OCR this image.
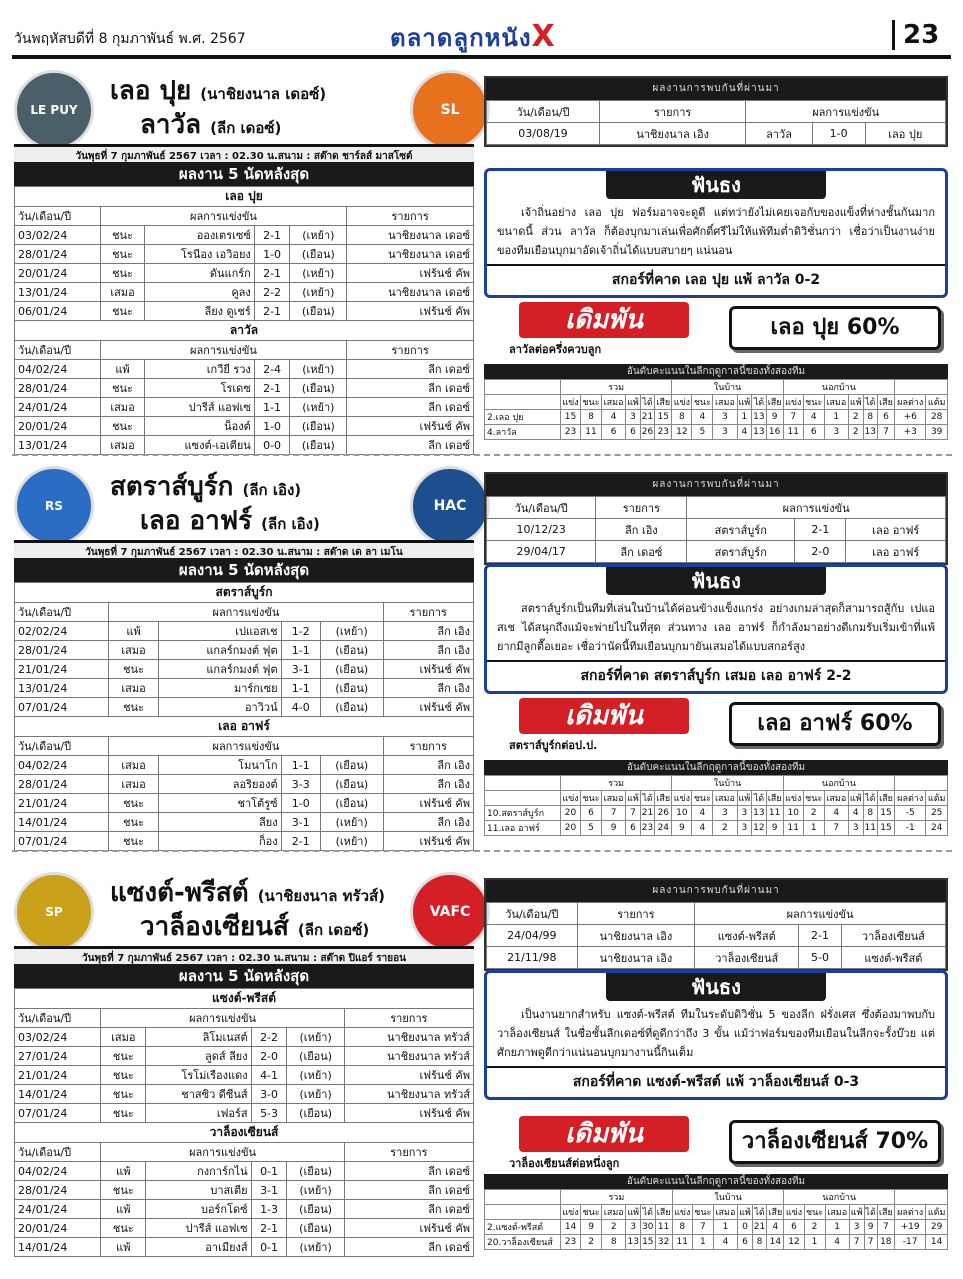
วันพฤหัสบดีที่ 8 กุมภาพันธ์ พ.ศ. 2567	ตลาดลูกหนังX	23
LE PUY	SL
เลอ ปุย (นาชิยงนาล เดอซ์)
ลาวัล (ลีก เดอซ์)
วันพุธที่ 7 กุมภาพันธ์ 2567 เวลา : 02.30 น.สนาม : สต๊าด ชาร์ลส์ มาสโซต์
ผลงาน 5 นัดหลังสุด
เลอ ปุย					
วัน/เดือน/ปี	ผลการแข่งขัน				รายการ
03/02/24	ชนะ	อองเตรเซซ์	2-1	(เหย้า)	นาชิยงนาล เดอซ์
28/01/24	ชนะ	โรนีอง เอวิอยง	1-0	(เยือน)	นาชิยงนาล เดอซ์
20/01/24	ชนะ	ดันแกร์ก	2-1	(เหย้า)	เฟร้นช์ คัพ
13/01/24	เสมอ	คูลง	2-2	(เหย้า)	นาชิยงนาล เดอซ์
06/01/24	ชนะ	ลียง ดูเชร์	2-1	(เยือน)	เฟร้นช์ คัพ
ลาวัล					
วัน/เดือน/ปี	ผลการแข่งขัน				รายการ
04/02/24	แพ้	เกวียี รวง	2-4	(เหย้า)	ลีก เดอซ์
28/01/24	ชนะ	โรเดซ	2-1	(เยือน)	ลีก เดอซ์
24/01/24	เสมอ	ปารีส์ แอฟเซ	1-1	(เหย้า)	ลีก เดอซ์
20/01/24	ชนะ	น็องต์	1-0	(เยือน)	เฟร้นช์ คัพ
13/01/24	เสมอ	แซงต์-เอเตียน	0-0	(เยือน)	ลีก เดอซ์
ผลงานการพบกันที่ผ่านมา
วัน/เดือน/ปี	รายการ	ผลการแข่งขัน		
03/08/19	นาชิยงนาล เอิง	ลาวัล	1-0	เลอ ปุย
ฟันธง
เจ้าถิ่นอย่าง เลอ ปุย ฟอร์มอาจจะดูดี แต่ทว่ายังไม่เคยเจอกับของแข็งที่ห่างชั้นกันมากขนาดนี้ ส่วน ลาวัล ก็ต้องบุกมาเล่นเพื่อศักดิ์ศรีไม่ให้แพ้ทีมต่ำดิวิชั่นกว่า เชื่อว่าเป็นงานง่ายของทีมเยือนบุกมาอัดเจ้าถิ่นได้แบบสบายๆ แน่นอน
สกอร์ที่คาด เลอ ปุย แพ้ ลาวัล 0-2
เดิมพัน
ลาวัลต่อครึ่งควบลูก
เลอ ปุย 60%
อันดับคะแนนในลีกฤดูกาลนี้ของทั้งสองทีม
	รวม						ในบ้าน						นอกบ้าน							
	แข่ง	ชนะ	เสมอ	แพ้	ได้	เสีย	แข่ง	ชนะ	เสมอ	แพ้	ได้	เสีย	แข่ง	ชนะ	เสมอ	แพ้	ได้	เสีย	ผลต่าง	แต้ม
2.เลอ ปุย	15	8	4	3	21	15	8	4	3	1	13	9	7	4	1	2	8	6	+6	28
4.ลาวัล	23	11	6	6	26	23	12	5	3	4	13	16	11	6	3	2	13	7	+3	39
RS	HAC
สตราส์บูร์ก (ลีก เอิง)
เลอ อาฟร์ (ลีก เอิง)
วันพุธที่ 7 กุมภาพันธ์ 2567 เวลา : 02.30 น.สนาม : สต๊าด เด ลา เมโน
ผลงาน 5 นัดหลังสุด
สตราส์บูร์ก					
วัน/เดือน/ปี	ผลการแข่งขัน				รายการ
02/02/24	แพ้	เปแอสเช	1-2	(เหย้า)	ลีก เอิง
28/01/24	เสมอ	แกลร์กมงต์ ฟุต	1-1	(เยือน)	ลีก เอิง
21/01/24	ชนะ	แกลร์กมงต์ ฟุต	3-1	(เยือน)	เฟร้นช์ คัพ
13/01/24	เสมอ	มาร์กเซย	1-1	(เยือน)	ลีก เอิง
07/01/24	ชนะ	อาวิวน์	4-0	(เยือน)	เฟร้นช์ คัพ
เลอ อาฟร์					
วัน/เดือน/ปี	ผลการแข่งขัน				รายการ
04/02/24	เสมอ	โมนาโก	1-1	(เยือน)	ลีก เอิง
28/01/24	เสมอ	ลอริยองต์	3-3	(เยือน)	ลีก เอิง
21/01/24	ชนะ	ชาโต้รูซ์	1-0	(เยือน)	เฟร้นช์ คัพ
14/01/24	ชนะ	ลียง	3-1	(เหย้า)	ลีก เอิง
07/01/24	ชนะ	ก็อง	2-1	(เหย้า)	เฟร้นช์ คัพ
ผลงานการพบกันที่ผ่านมา
วัน/เดือน/ปี	รายการ	ผลการแข่งขัน		
10/12/23	ลีก เอิง	สตราส์บูร์ก	2-1	เลอ อาฟร์
29/04/17	ลีก เดอซ์	สตราส์บูร์ก	2-0	เลอ อาฟร์
ฟันธง
สตราส์บูร์กเป็นทีมที่เล่นในบ้านได้ค่อนข้างแข็งแกร่ง อย่างเกมล่าสุดก็สามารถสู้กับ เปแอสเช ได้สนุกถึงแม้จะพ่ายไปในที่สุด ส่วนทาง เลอ อาฟร์ ก็กำลังมาอย่างดีเกมรับเริ่มเข้าที่แพ้ยากมีลูกตื๊อเยอะ เชื่อว่านัดนี้ทีมเยือนบุกมายันเสมอได้แบบสกอร์สูง
สกอร์ที่คาด สตราส์บูร์ก เสมอ เลอ อาฟร์ 2-2
เดิมพัน
สตราส์บูร์กต่อป.ป.
เลอ อาฟร์ 60%
อันดับคะแนนในลีกฤดูกาลนี้ของทั้งสองทีม
	รวม						ในบ้าน						นอกบ้าน							
	แข่ง	ชนะ	เสมอ	แพ้	ได้	เสีย	แข่ง	ชนะ	เสมอ	แพ้	ได้	เสีย	แข่ง	ชนะ	เสมอ	แพ้	ได้	เสีย	ผลต่าง	แต้ม
10.สตราส์บูร์ก	20	6	7	7	21	26	10	4	3	3	13	11	10	2	4	4	8	15	-5	25
11.เลอ อาฟร์	20	5	9	6	23	24	9	4	2	3	12	9	11	1	7	3	11	15	-1	24
SP	VAFC
แซงต์-พรีสต์ (นาชิยงนาล ทรัวส์)
วาล็องเซียนส์ (ลีก เดอซ์)
วันพุธที่ 7 กุมภาพันธ์ 2567 เวลา : 02.30 น.สนาม : สต๊าด ปิแอร์ รายอน
ผลงาน 5 นัดหลังสุด
แซงต์-พรีสต์					
วัน/เดือน/ปี	ผลการแข่งขัน				รายการ
03/02/24	เสมอ	ลิโมเนสต์	2-2	(เหย้า)	นาชิยงนาล ทรัวส์
27/01/24	ชนะ	ลูดส์ ลียง	2-0	(เยือน)	นาชิยงนาล ทรัวส์
21/01/24	ชนะ	โรโม่เรืองแดง	4-1	(เหย้า)	เฟร้นช์ คัพ
14/01/24	ชนะ	ชาสซิว ดีซีนส์	3-0	(เหย้า)	นาชิยงนาล ทรัวส์
07/01/24	ชนะ	เฟอร์ส	5-3	(เยือน)	เฟร้นช์ คัพ
วาล็องเซียนส์					
วัน/เดือน/ปี	ผลการแข่งขัน				รายการ
04/02/24	แพ้	กงการ์กไน่	0-1	(เยือน)	ลีก เดอซ์
28/01/24	ชนะ	บาสเตีย	3-1	(เหย้า)	ลีก เดอซ์
24/01/24	แพ้	บอร์กโดซ์	1-3	(เยือน)	ลีก เดอซ์
20/01/24	ชนะ	ปารีส์ แอฟเซ	2-1	(เยือน)	เฟร้นช์ คัพ
14/01/24	แพ้	อาเมียงส์	0-1	(เหย้า)	ลีก เดอซ์
ผลงานการพบกันที่ผ่านมา
วัน/เดือน/ปี	รายการ	ผลการแข่งขัน		
24/04/99	นาชิยงนาล เอิง	แซงต์-พรีสต์	2-1	วาล็องเซียนส์
21/11/98	นาชิยงนาล เอิง	วาล็องเซียนส์	5-0	แซงต์-พรีสต์
ฟันธง
เป็นงานยากสำหรับ แซงต์-พรีสต์ ทีมในระดับดิวิชั่น 5 ของลีก ฝรั่งเศส ซึ่งต้องมาพบกับ วาล็องเซียนส์ ในชื่อชั้นลีกเดอซ์ที่ดูดีกว่าถึง 3 ขั้น แม้ว่าฟอร์มของทีมเยือนในลีกจะรั้งบ๊วย แต่ศักยภาพดูดีกว่าแน่นอนบุกมางานนี้กินเต็ม
สกอร์ที่คาด แซงต์-พรีสต์ แพ้ วาล็องเซียนส์ 0-3
เดิมพัน
วาล็องเซียนส์ต่อหนึ่งลูก
วาล็องเซียนส์ 70%
อันดับคะแนนในลีกฤดูกาลนี้ของทั้งสองทีม
	รวม						ในบ้าน						นอกบ้าน							
	แข่ง	ชนะ	เสมอ	แพ้	ได้	เสีย	แข่ง	ชนะ	เสมอ	แพ้	ได้	เสีย	แข่ง	ชนะ	เสมอ	แพ้	ได้	เสีย	ผลต่าง	แต้ม
2.แซงต์-พรีสต์	14	9	2	3	30	11	8	7	1	0	21	4	6	2	1	3	9	7	+19	29
20.วาล็องเซียนส์	23	2	8	13	15	32	11	1	4	6	8	14	12	1	4	7	7	18	-17	14
